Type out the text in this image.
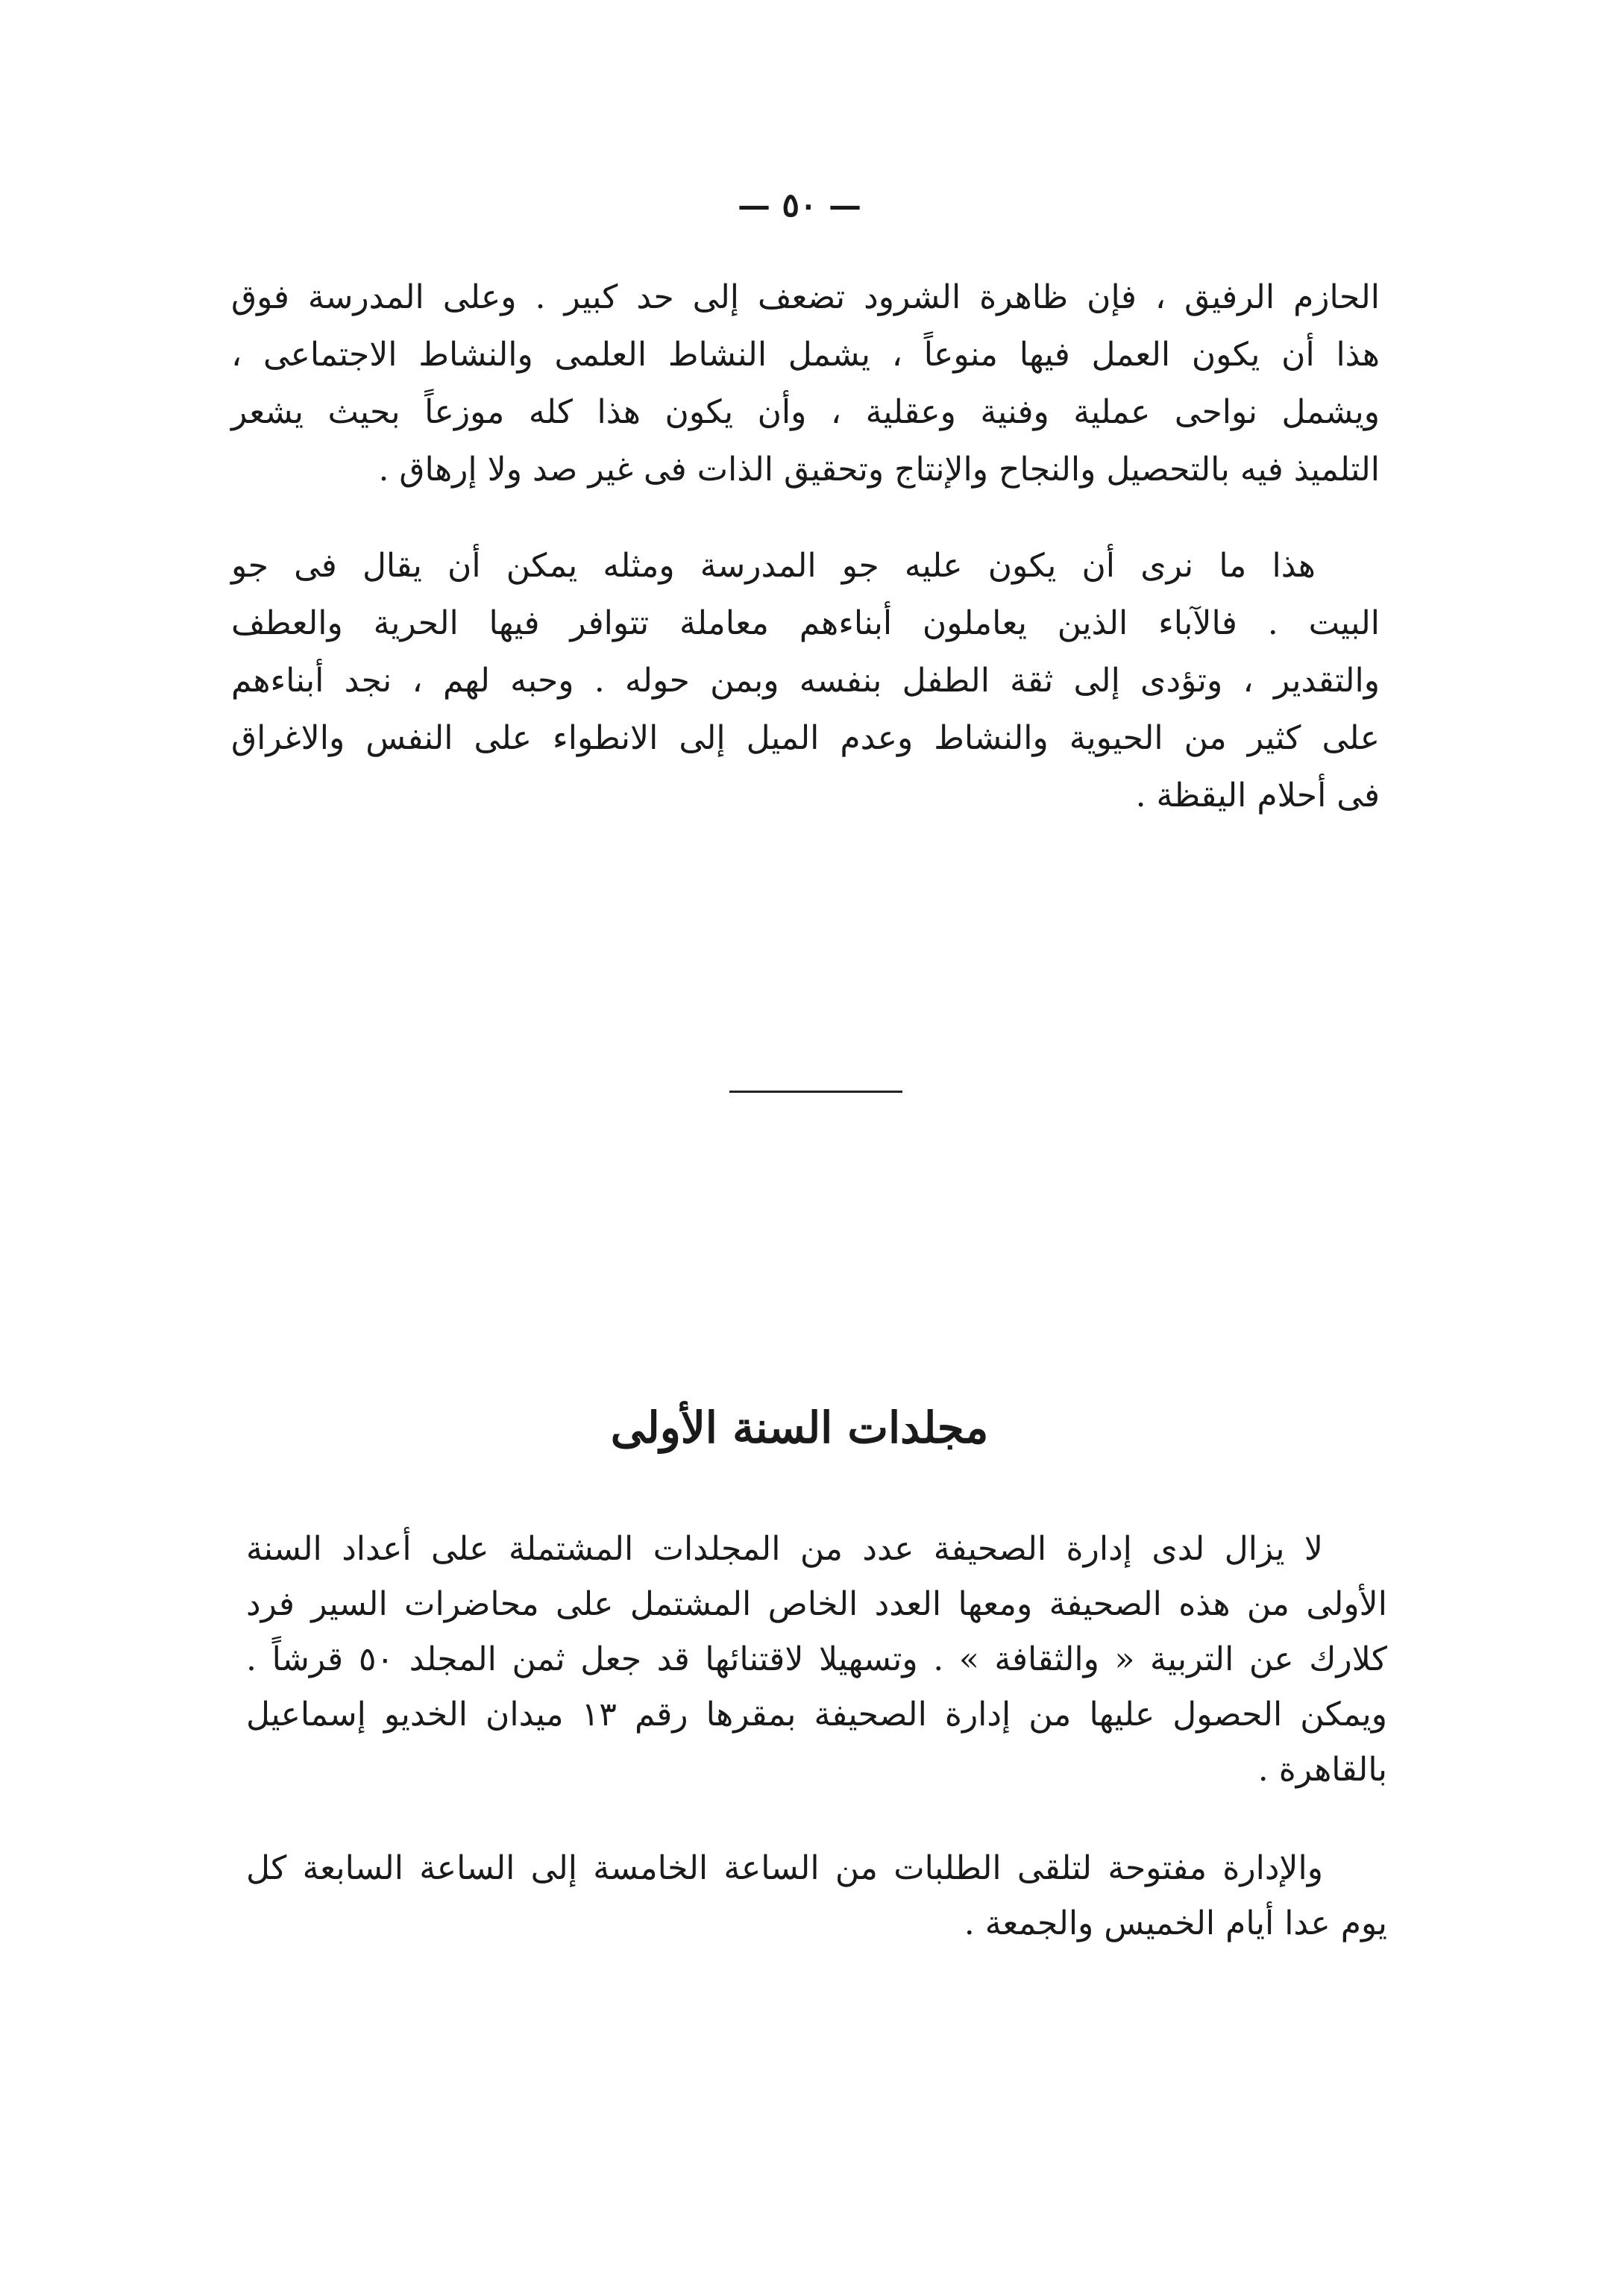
— ٥٠ —
الحازم الرفيق ، فإن ظاهرة الشرود تضعف إلى حد كبير . وعلى المدرسة فوق
هذا أن يكون العمل فيها منوعاً ، يشمل النشاط العلمى والنشاط الاجتماعى ،
ويشمل نواحى عملية وفنية وعقلية ، وأن يكون هذا كله موزعاً بحيث يشعر
التلميذ فيه بالتحصيل والنجاح والإنتاج وتحقيق الذات فى غير صد ولا إرهاق .
هذا ما نرى أن يكون عليه جو المدرسة ومثله يمكن أن يقال فى جو
البيت . فالآباء الذين يعاملون أبناءهم معاملة تتوافر فيها الحرية والعطف
والتقدير ، وتؤدى إلى ثقة الطفل بنفسه وبمن حوله . وحبه لهم ، نجد أبناءهم
على كثير من الحيوية والنشاط وعدم الميل إلى الانطواء على النفس والاغراق
فى أحلام اليقظة .
مجلدات السنة الأولى
لا يزال لدى إدارة الصحيفة عدد من المجلدات المشتملة على أعداد السنة
الأولى من هذه الصحيفة ومعها العدد الخاص المشتمل على محاضرات السير فرد
كلارك عن التربية « والثقافة » . وتسهيلا لاقتنائها قد جعل ثمن المجلد ٥٠ قرشاً .
ويمكن الحصول عليها من إدارة الصحيفة بمقرها رقم ١٣ ميدان الخديو إسماعيل
بالقاهرة .
والإدارة مفتوحة لتلقى الطلبات من الساعة الخامسة إلى الساعة السابعة كل
يوم عدا أيام الخميس والجمعة .
